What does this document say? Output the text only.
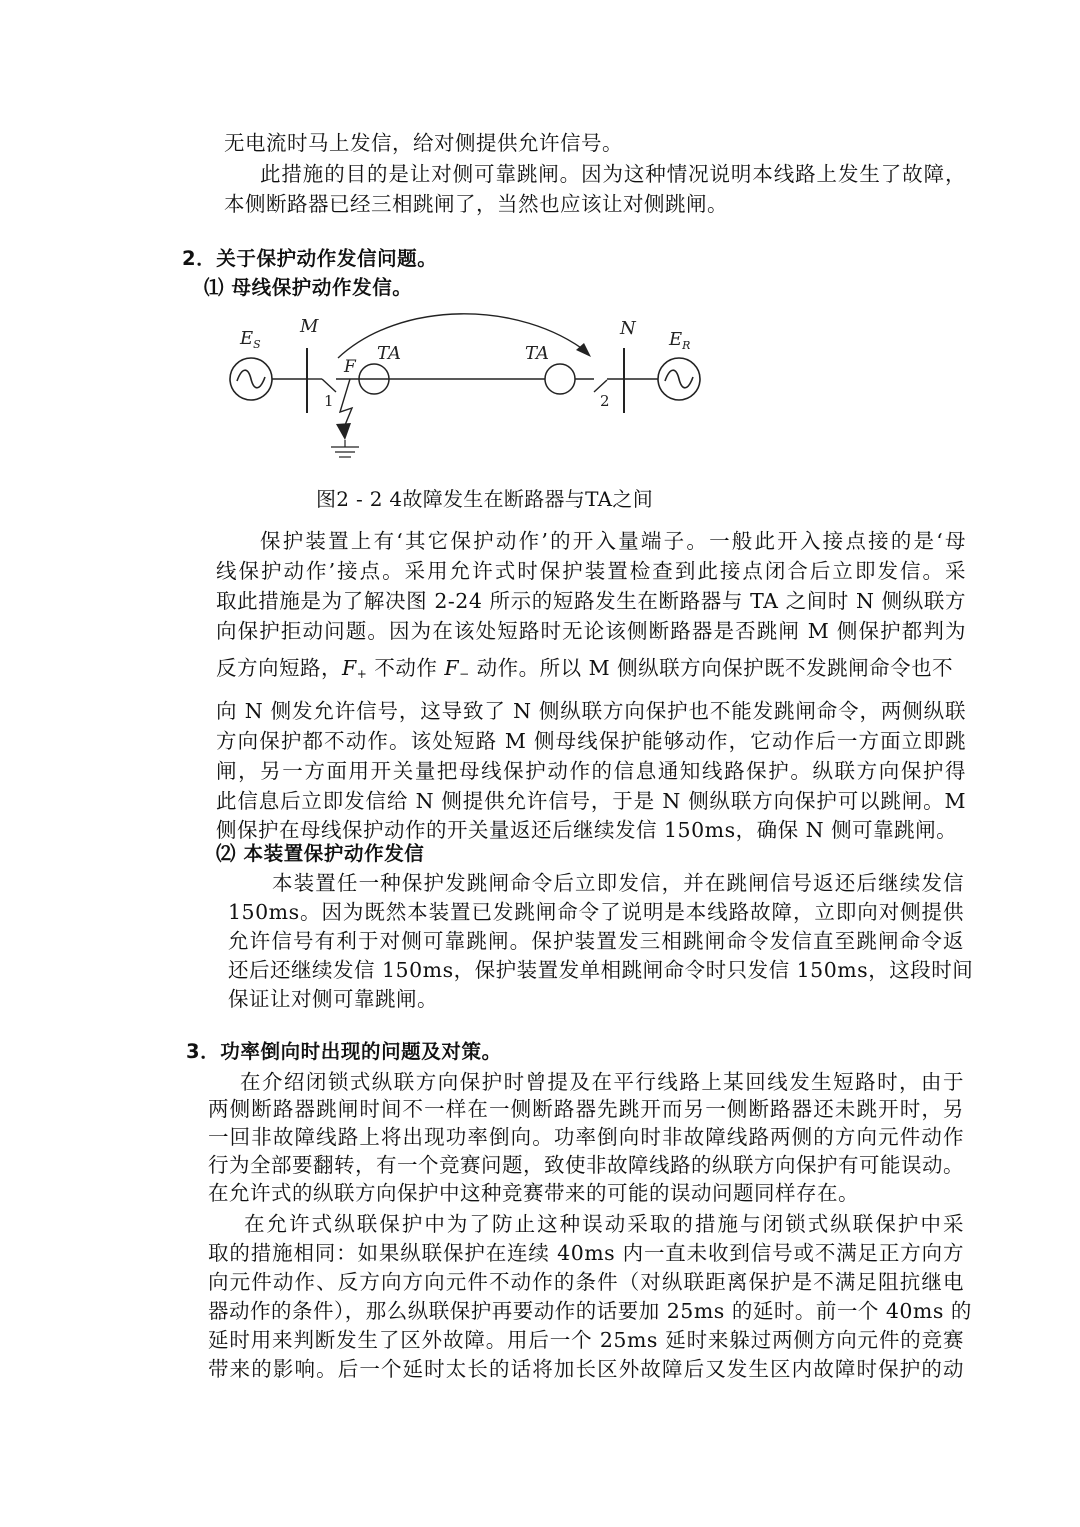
无电流时马上发信，给对侧提供允许信号。
此措施的目的是让对侧可靠跳闸。因为这种情况说明本线路上发生了故障，
本侧断路器已经三相跳闸了，当然也应该让对侧跳闸。
2．关于保护动作发信问题。
⑴ 母线保护动作发信。
$E_S$
M
1
F
TA	TA
2
N
$E_R$
图2 - 2 4故障发生在断路器与TA之间
保护装置上有‘其它保护动作’的开入量端子。一般此开入接点接的是‘母
线保护动作’接点。采用允许式时保护装置检查到此接点闭合后立即发信。采
取此措施是为了解决图 2-24 所示的短路发生在断路器与 TA 之间时 N 侧纵联方
向保护拒动问题。因为在该处短路时无论该侧断路器是否跳闸 M 侧保护都判为
反方向短路，$F_+$ 不动作 $F_-$ 动作。所以 M 侧纵联方向保护既不发跳闸命令也不
向 N 侧发允许信号，这导致了 N 侧纵联方向保护也不能发跳闸命令，两侧纵联
方向保护都不动作。该处短路 M 侧母线保护能够动作，它动作后一方面立即跳
闸，另一方面用开关量把母线保护动作的信息通知线路保护。纵联方向保护得
此信息后立即发信给 N 侧提供允许信号，于是 N 侧纵联方向保护可以跳闸。M
侧保护在母线保护动作的开关量返还后继续发信 150ms，确保 N 侧可靠跳闸。
⑵ 本装置保护动作发信
本装置任一种保护发跳闸命令后立即发信，并在跳闸信号返还后继续发信
150ms。因为既然本装置已发跳闸命令了说明是本线路故障，立即向对侧提供
允许信号有利于对侧可靠跳闸。保护装置发三相跳闸命令发信直至跳闸命令返
还后还继续发信 150ms，保护装置发单相跳闸命令时只发信 150ms，这段时间
保证让对侧可靠跳闸。
3．功率倒向时出现的问题及对策。
在介绍闭锁式纵联方向保护时曾提及在平行线路上某回线发生短路时，由于
两侧断路器跳闸时间不一样在一侧断路器先跳开而另一侧断路器还未跳开时，另
一回非故障线路上将出现功率倒向。功率倒向时非故障线路两侧的方向元件动作
行为全部要翻转，有一个竞赛问题，致使非故障线路的纵联方向保护有可能误动。
在允许式的纵联方向保护中这种竞赛带来的可能的误动问题同样存在。
在允许式纵联保护中为了防止这种误动采取的措施与闭锁式纵联保护中采
取的措施相同：如果纵联保护在连续 40ms 内一直未收到信号或不满足正方向方
向元件动作、反方向方向元件不动作的条件（对纵联距离保护是不满足阻抗继电
器动作的条件），那么纵联保护再要动作的话要加 25ms 的延时。前一个 40ms 的
延时用来判断发生了区外故障。用后一个 25ms 延时来躲过两侧方向元件的竞赛
带来的影响。后一个延时太长的话将加长区外故障后又发生区内故障时保护的动
